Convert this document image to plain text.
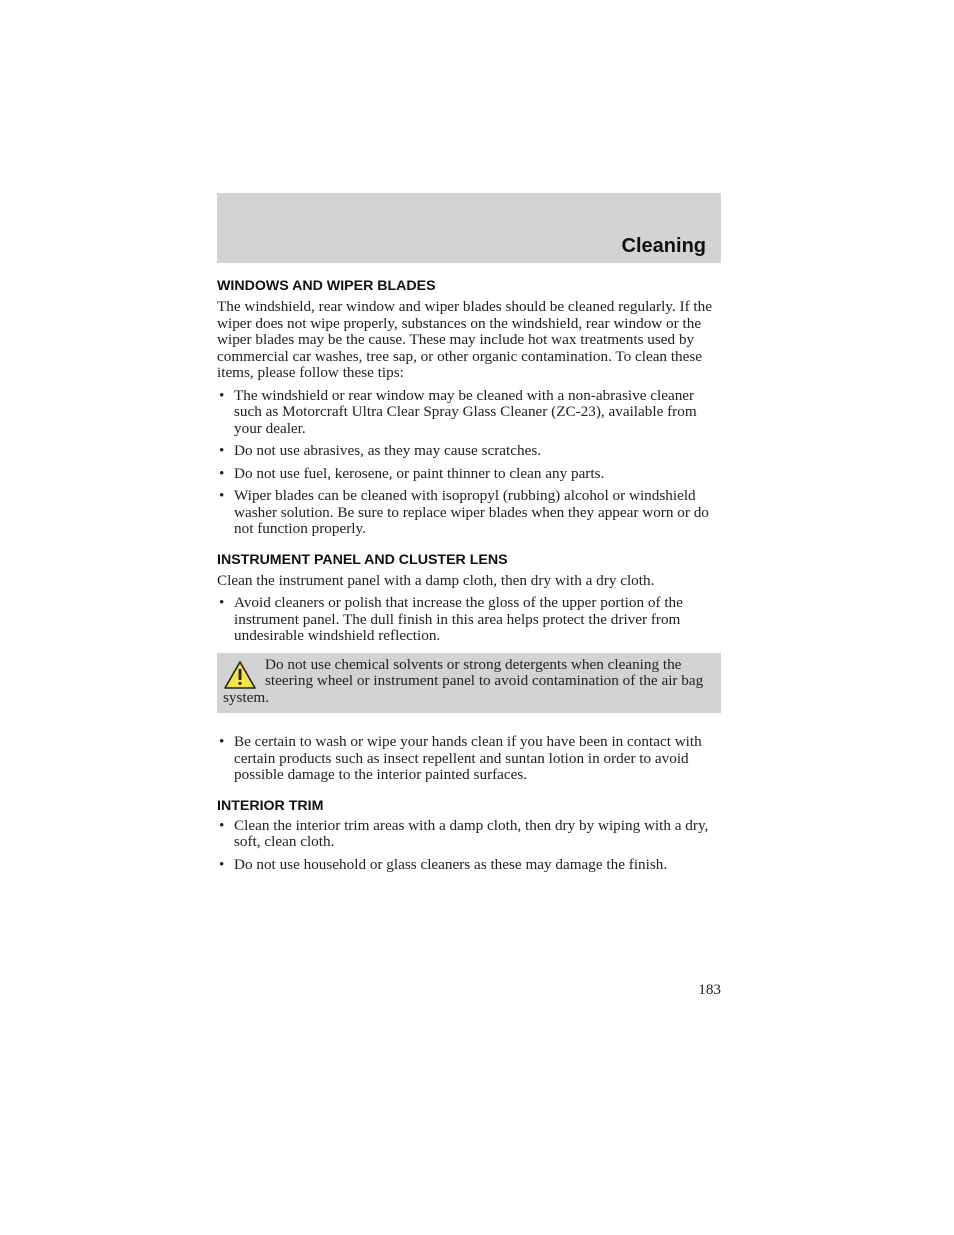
Cleaning
WINDOWS AND WIPER BLADES

The windshield, rear window and wiper blades should be cleaned regularly. If the wiper does not wipe properly, substances on the windshield, rear window or the wiper blades may be the cause. These may include hot wax treatments used by commercial car washes, tree sap, or other organic contamination. To clean these items, please follow these tips:

• The windshield or rear window may be cleaned with a non-abrasive cleaner such as Motorcraft Ultra Clear Spray Glass Cleaner (ZC-23), available from your dealer.
• Do not use abrasives, as they may cause scratches.
• Do not use fuel, kerosene, or paint thinner to clean any parts.
• Wiper blades can be cleaned with isopropyl (rubbing) alcohol or windshield washer solution. Be sure to replace wiper blades when they appear worn or do not function properly.
INSTRUMENT PANEL AND CLUSTER LENS

Clean the instrument panel with a damp cloth, then dry with a dry cloth.

• Avoid cleaners or polish that increase the gloss of the upper portion of the instrument panel. The dull finish in this area helps protect the driver from undesirable windshield reflection.
Do not use chemical solvents or strong detergents when cleaning the steering wheel or instrument panel to avoid contamination of the air bag system.
• Be certain to wash or wipe your hands clean if you have been in contact with certain products such as insect repellent and suntan lotion in order to avoid possible damage to the interior painted surfaces.
INTERIOR TRIM
• Clean the interior trim areas with a damp cloth, then dry by wiping with a dry, soft, clean cloth.
• Do not use household or glass cleaners as these may damage the finish.
183
